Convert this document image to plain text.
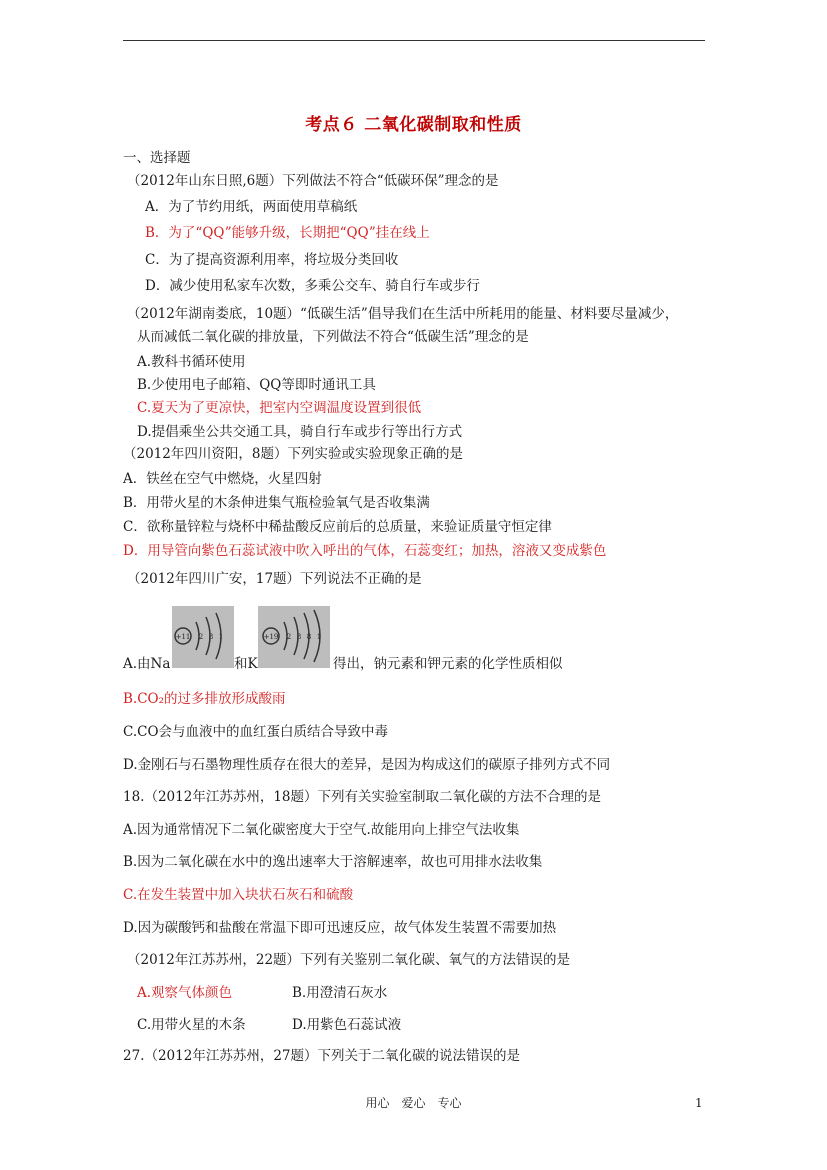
考点６ 二氧化碳制取和性质
一、选择题
（2012年山东日照,6题）下列做法不符合“低碳环保”理念的是
A．为了节约用纸，两面使用草稿纸
B．为了“QQ”能够升级，长期把“QQ”挂在线上
C．为了提高资源利用率，将垃圾分类回收
D．减少使用私家车次数，多乘公交车、骑自行车或步行
（2012年湖南娄底，10题）“低碳生活”倡导我们在生活中所耗用的能量、材料要尽量减少，
从而减低二氧化碳的排放量，下列做法不符合“低碳生活”理念的是
A.教科书循环使用
B.少使用电子邮箱、QQ等即时通讯工具
C.夏天为了更凉快，把室内空调温度设置到很低
D.提倡乘坐公共交通工具，骑自行车或步行等出行方式
（2012年四川资阳，8题）下列实验或实验现象正确的是
A．铁丝在空气中燃烧，火星四射
B．用带火星的木条伸进集气瓶检验氧气是否收集满
C．欲称量锌粒与烧杯中稀盐酸反应前后的总质量，来验证质量守恒定律
D．用导管向紫色石蕊试液中吹入呼出的气体，石蕊变红；加热，溶液又变成紫色
（2012年四川广安，17题）下列说法不正确的是
+11 2 8 1	+19 2 8 8 1
A.由Na	和K	得出，钠元素和钾元素的化学性质相似
B.CO₂的过多排放形成酸雨
C.CO会与血液中的血红蛋白质结合导致中毒
D.金刚石与石墨物理性质存在很大的差异，是因为构成这们的碳原子排列方式不同
18.（2012年江苏苏州，18题）下列有关实验室制取二氧化碳的方法不合理的是
A.因为通常情况下二氧化碳密度大于空气.故能用向上排空气法收集
B.因为二氧化碳在水中的逸出速率大于溶解速率，故也可用排水法收集
C.在发生装置中加入块状石灰石和硫酸
D.因为碳酸钙和盐酸在常温下即可迅速反应，故气体发生装置不需要加热
（2012年江苏苏州，22题）下列有关鉴别二氧化碳、氧气的方法错误的是
A.观察气体颜色	B.用澄清石灰水
C.用带火星的木条	D.用紫色石蕊试液
27.（2012年江苏苏州，27题）下列关于二氧化碳的说法错误的是
用心　爱心　专心	1
